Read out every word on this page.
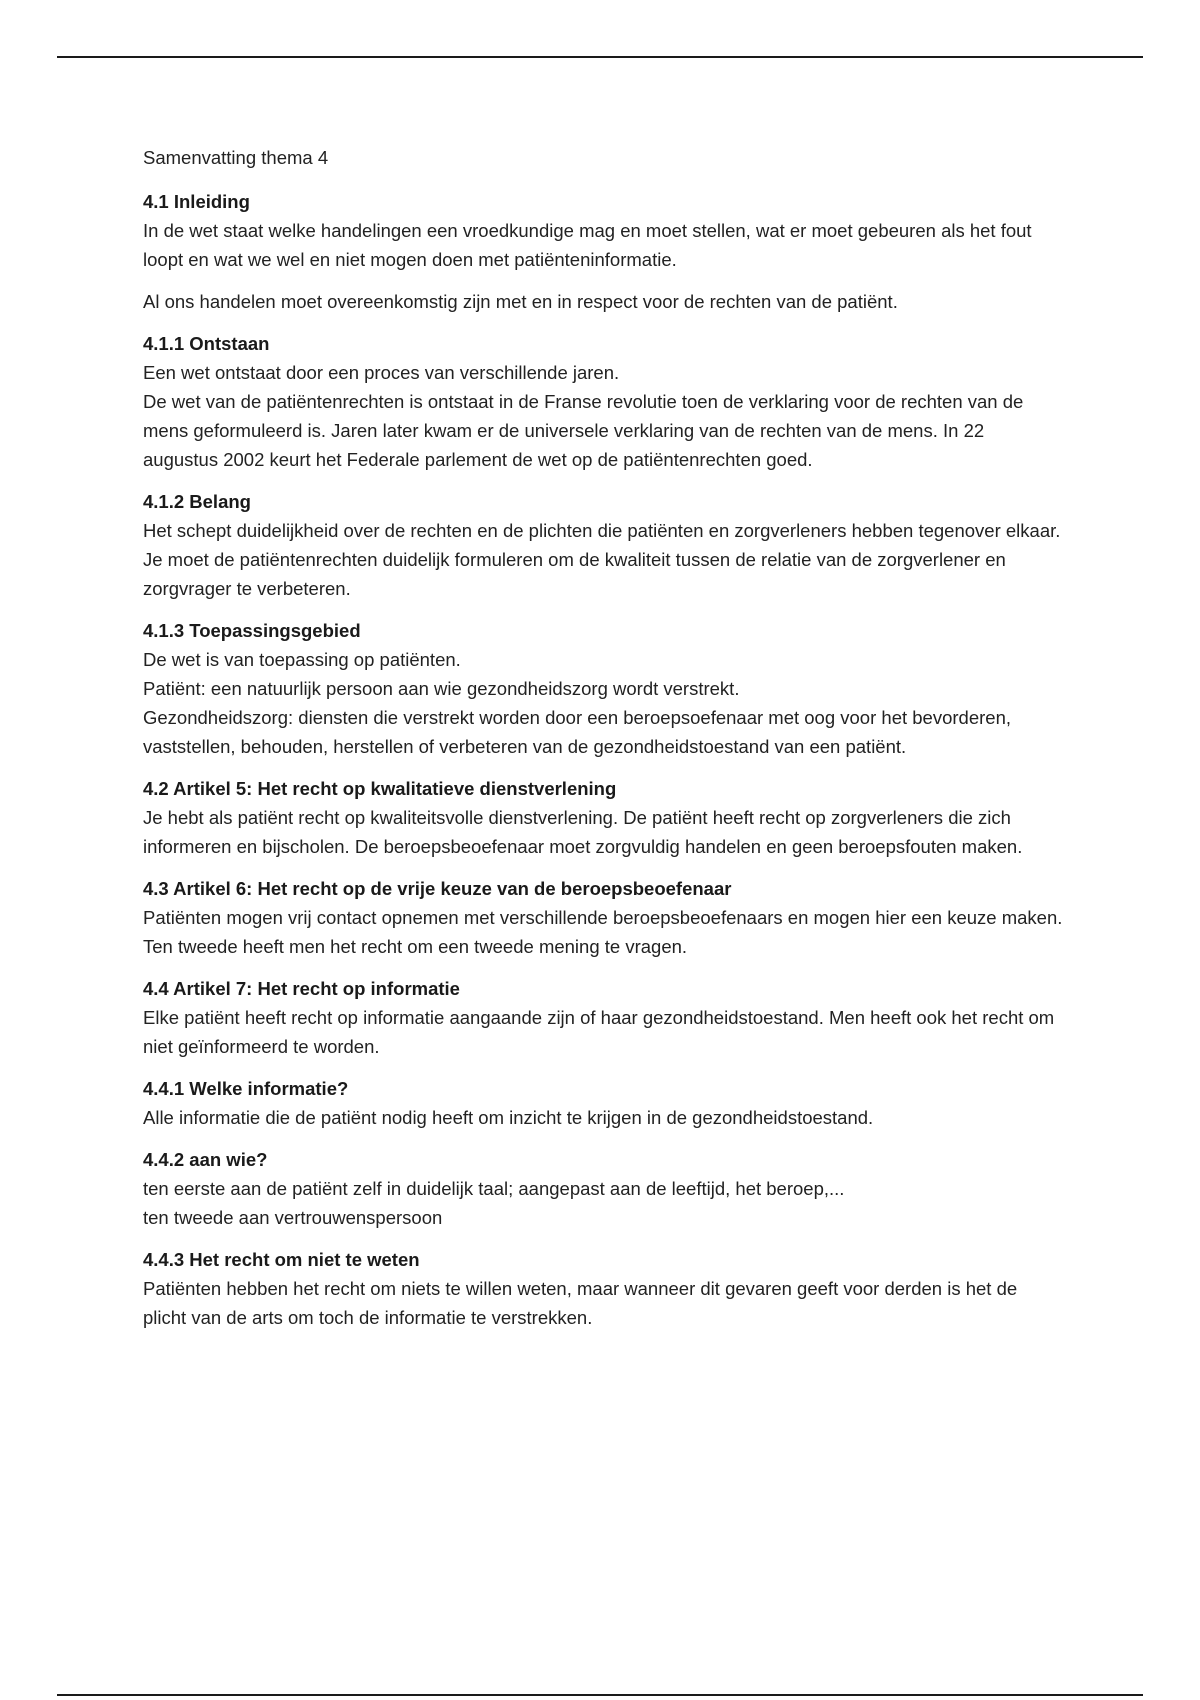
Samenvatting thema 4
4.1 Inleiding

In de wet staat welke handelingen een vroedkundige mag en moet stellen, wat er moet gebeuren als het fout loopt en wat we wel en niet mogen doen met patiënteninformatie.

Al ons handelen moet overeenkomstig zijn met en in respect voor de rechten van de patiënt.

4.1.1 Ontstaan

Een wet ontstaat door een proces van verschillende jaren.

De wet van de patiëntenrechten is ontstaat in de Franse revolutie toen de verklaring voor de rechten van de mens geformuleerd is. Jaren later kwam er de universele verklaring van de rechten van de mens. In 22 augustus 2002 keurt het Federale parlement de wet op de patiëntenrechten goed.

4.1.2 Belang

Het schept duidelijkheid over de rechten en de plichten die patiënten en zorgverleners hebben tegenover elkaar. Je moet de patiëntenrechten duidelijk formuleren om de kwaliteit tussen de relatie van de zorgverlener en zorgvrager te verbeteren.

4.1.3 Toepassingsgebied

De wet is van toepassing op patiënten.

Patiënt: een natuurlijk persoon aan wie gezondheidszorg wordt verstrekt.

Gezondheidszorg: diensten die verstrekt worden door een beroepsoefenaar met oog voor het bevorderen, vaststellen, behouden, herstellen of verbeteren van de gezondheidstoestand van een patiënt.

4.2 Artikel 5: Het recht op kwalitatieve dienstverlening

Je hebt als patiënt recht op kwaliteitsvolle dienstverlening. De patiënt heeft recht op zorgverleners die zich informeren en bijscholen. De beroepsbeoefenaar moet zorgvuldig handelen en geen beroepsfouten maken.

4.3 Artikel 6: Het recht op de vrije keuze van de beroepsbeoefenaar

Patiënten mogen vrij contact opnemen met verschillende beroepsbeoefenaars en mogen hier een keuze maken.

Ten tweede heeft men het recht om een tweede mening te vragen.

4.4 Artikel 7: Het recht op informatie

Elke patiënt heeft recht op informatie aangaande zijn of haar gezondheidstoestand. Men heeft ook het recht om niet geïnformeerd te worden.

4.4.1 Welke informatie?

Alle informatie die de patiënt nodig heeft om inzicht te krijgen in de gezondheidstoestand.

4.4.2 aan wie?

ten eerste aan de patiënt zelf in duidelijk taal; aangepast aan de leeftijd, het beroep,...

ten tweede aan vertrouwenspersoon

4.4.3 Het recht om niet te weten

Patiënten hebben het recht om niets te willen weten, maar wanneer dit gevaren geeft voor derden is het de plicht van de arts om toch de informatie te verstrekken.
